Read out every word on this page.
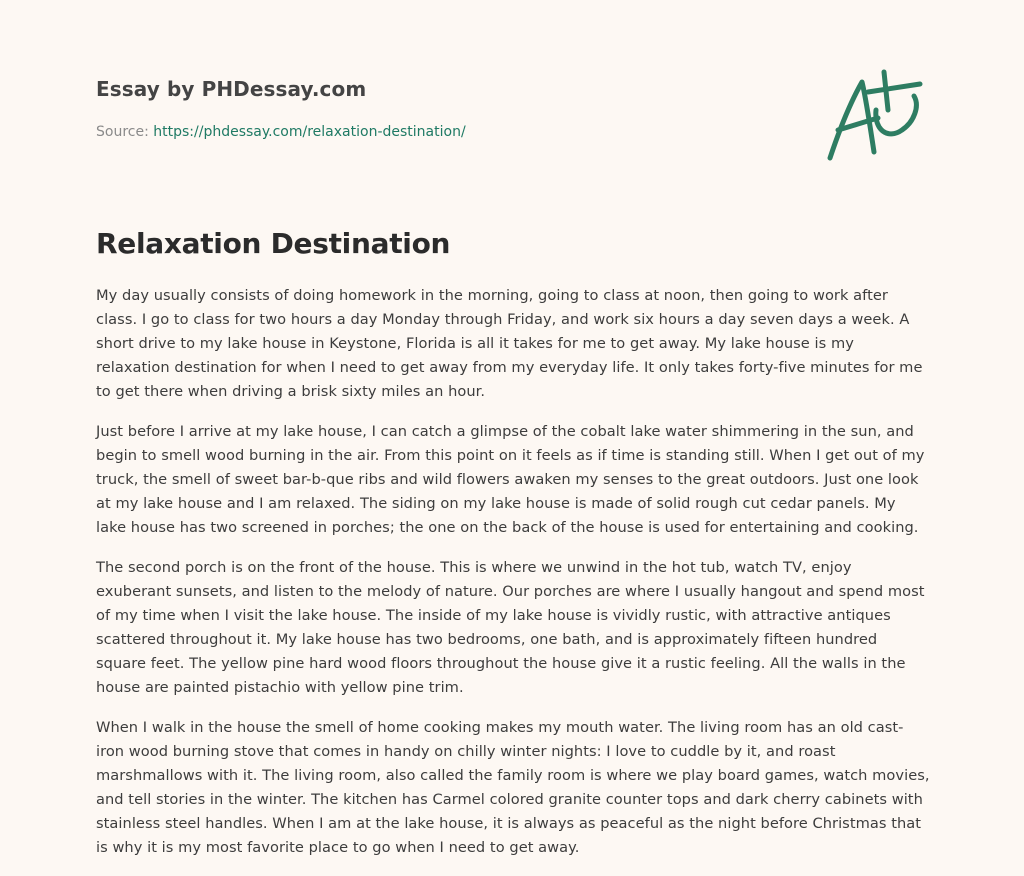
Essay by PHDessay.com
Source: https://phdessay.com/relaxation-destination/
Relaxation Destination

My day usually consists of doing homework in the morning, going to class at noon, then going to work after class. I go to class for two hours a day Monday through Friday, and work six hours a day seven days a week. A short drive to my lake house in Keystone, Florida is all it takes for me to get away. My lake house is my relaxation destination for when I need to get away from my everyday life. It only takes forty-five minutes for me to get there when driving a brisk sixty miles an hour.

Just before I arrive at my lake house, I can catch a glimpse of the cobalt lake water shimmering in the sun, and begin to smell wood burning in the air. From this point on it feels as if time is standing still. When I get out of my truck, the smell of sweet bar-b-que ribs and wild flowers awaken my senses to the great outdoors. Just one look at my lake house and I am relaxed. The siding on my lake house is made of solid rough cut cedar panels. My lake house has two screened in porches; the one on the back of the house is used for entertaining and cooking.

The second porch is on the front of the house. This is where we unwind in the hot tub, watch TV, enjoy exuberant sunsets, and listen to the melody of nature. Our porches are where I usually hangout and spend most of my time when I visit the lake house. The inside of my lake house is vividly rustic, with attractive antiques scattered throughout it. My lake house has two bedrooms, one bath, and is approximately fifteen hundred square feet. The yellow pine hard wood floors throughout the house give it a rustic feeling. All the walls in the house are painted pistachio with yellow pine trim.

When I walk in the house the smell of home cooking makes my mouth water. The living room has an old cast-iron wood burning stove that comes in handy on chilly winter nights: I love to cuddle by it, and roast marshmallows with it. The living room, also called the family room is where we play board games, watch movies, and tell stories in the winter. The kitchen has Carmel colored granite counter tops and dark cherry cabinets with stainless steel handles. When I am at the lake house, it is always as peaceful as the night before Christmas that is why it is my most favorite place to go when I need to get away.
